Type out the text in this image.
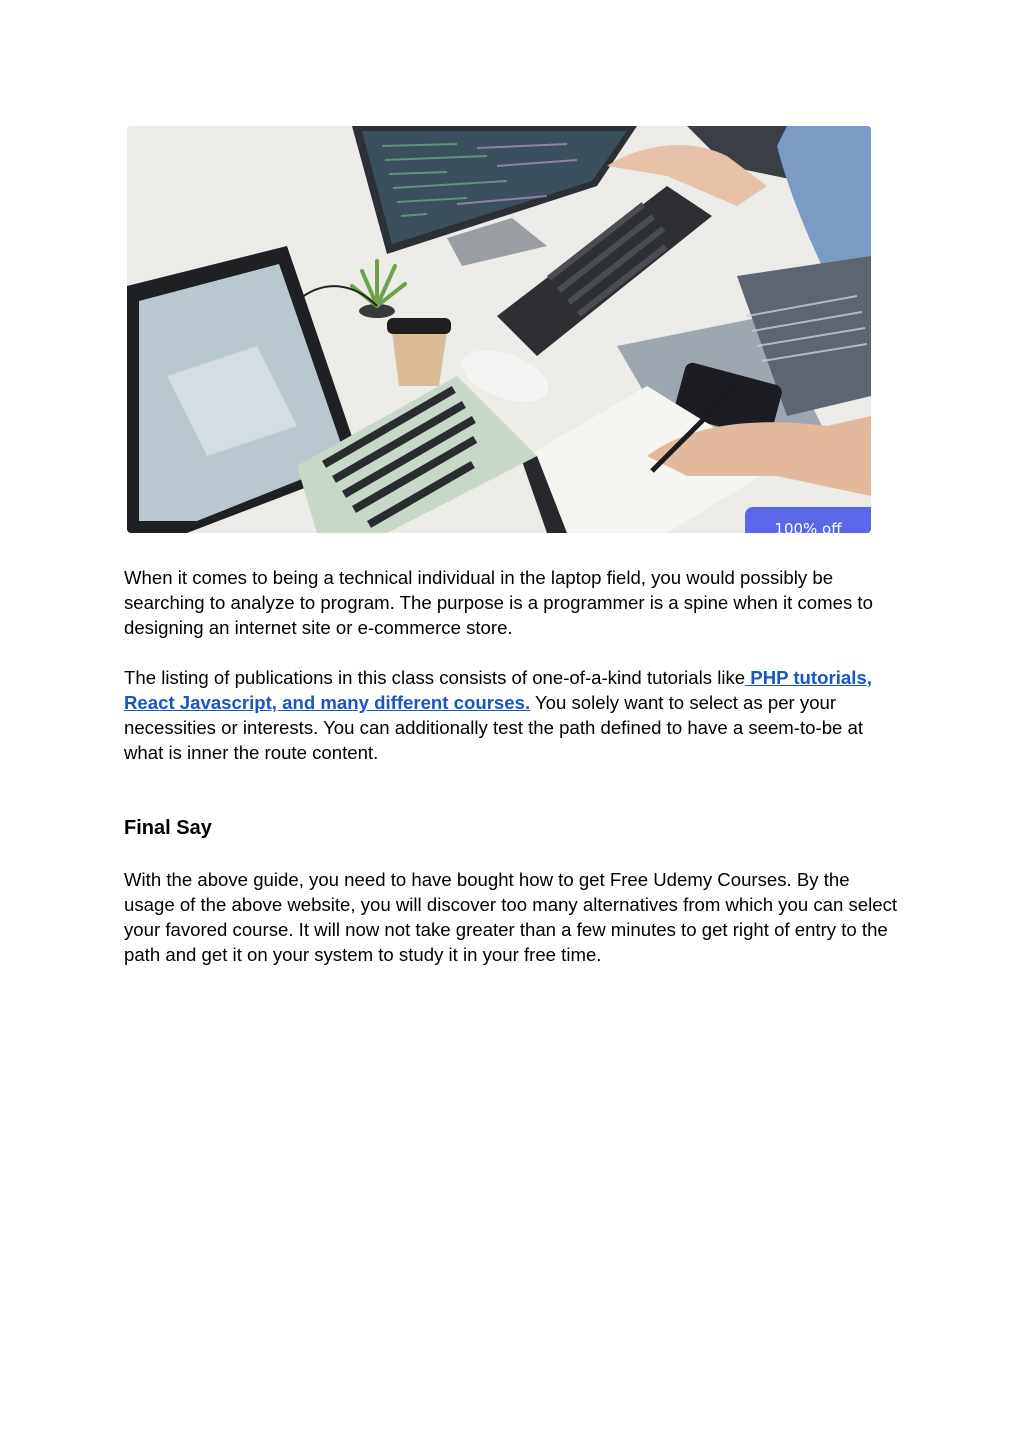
100% off

When it comes to being a technical individual in the laptop field, you would possibly be searching to analyze to program. The purpose is a programmer is a spine when it comes to designing an internet site or e-commerce store.

The listing of publications in this class consists of one-of-a-kind tutorials like PHP tutorials, React Javascript, and many different courses. You solely want to select as per your necessities or interests. You can additionally test the path defined to have a seem-to-be at what is inner the route content.

Final Say

With the above guide, you need to have bought how to get Free Udemy Courses. By the usage of the above website, you will discover too many alternatives from which you can select your favored course. It will now not take greater than a few minutes to get right of entry to the path and get it on your system to study it in your free time.
